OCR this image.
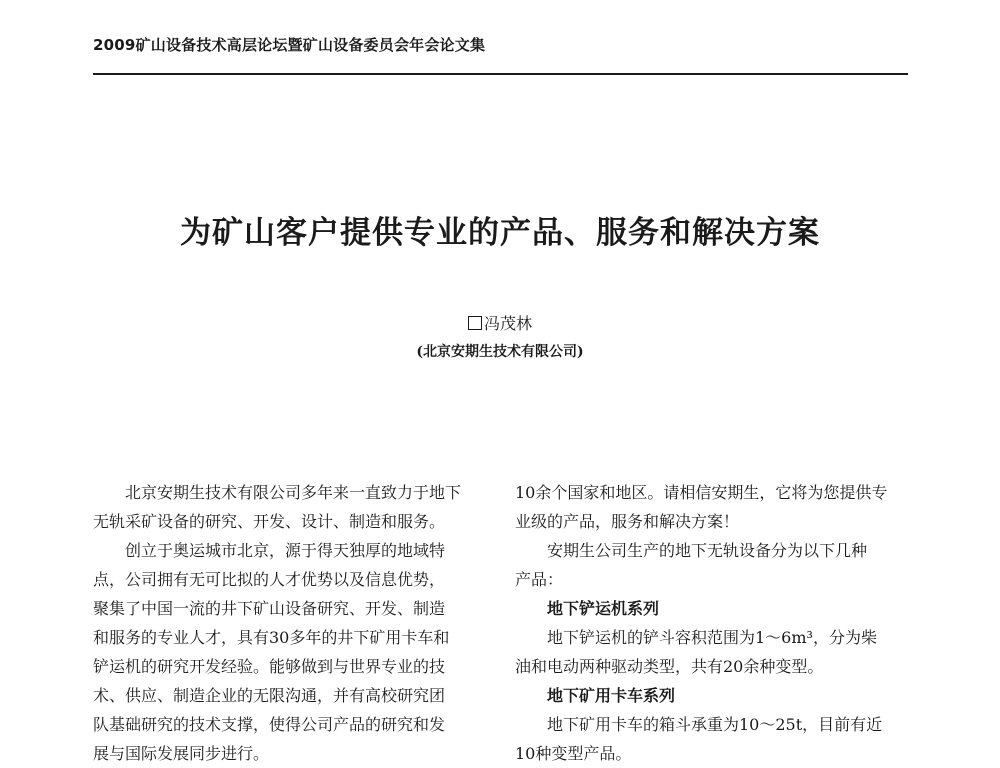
2009矿山设备技术高层论坛暨矿山设备委员会年会论文集
为矿山客户提供专业的产品、服务和解决方案
冯茂林
(北京安期生技术有限公司)
北京安期生技术有限公司多年来一直致力于地下
无轨采矿设备的研究、开发、设计、制造和服务。
创立于奥运城市北京，源于得天独厚的地域特
点，公司拥有无可比拟的人才优势以及信息优势，
聚集了中国一流的井下矿山设备研究、开发、制造
和服务的专业人才，具有30多年的井下矿用卡车和
铲运机的研究开发经验。能够做到与世界专业的技
术、供应、制造企业的无限沟通，并有高校研究团
队基础研究的技术支撑，使得公司产品的研究和发
展与国际发展同步进行。
10余个国家和地区。请相信安期生，它将为您提供专
业级的产品，服务和解决方案！
安期生公司生产的地下无轨设备分为以下几种
产品：
地下铲运机系列
地下铲运机的铲斗容积范围为1～6m³，分为柴
油和电动两种驱动类型，共有20余种变型。
地下矿用卡车系列
地下矿用卡车的箱斗承重为10～25t，目前有近
10种变型产品。
